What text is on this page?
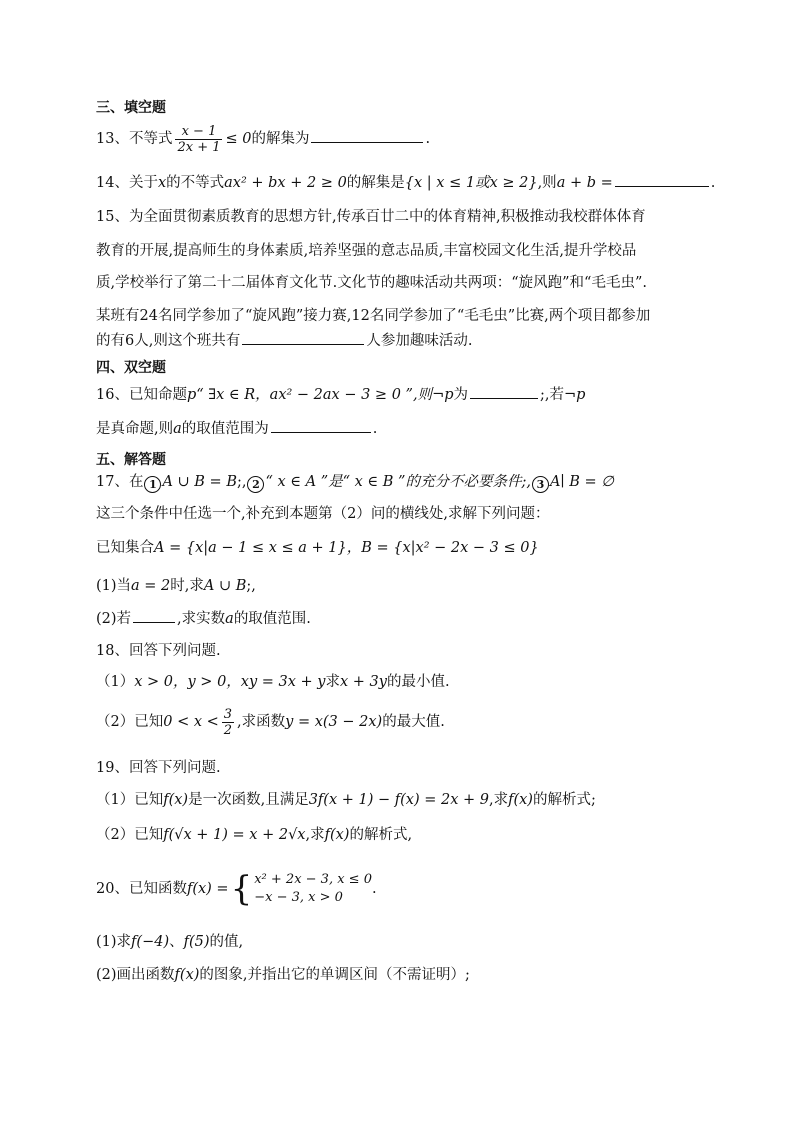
三、填空题
13、不等式 $\frac{x - 1}{2x + 1} \le 0$的解集为	.
14、关于x的不等式ax² + bx + 2 ≥ 0的解集是{x | x ≤ 1或x ≥ 2},则a + b =	.
15、为全面贯彻素质教育的思想方针,传承百廿二中的体育精神,积极推动我校群体体育
教育的开展,提高师生的身体素质,培养坚强的意志品质,丰富校园文化生活,提升学校品
质,学校举行了第二十二届体育文化节.文化节的趣味活动共两项：“旋风跑”和“毛毛虫”.
某班有24名同学参加了“旋风跑”接力赛,12名同学参加了“毛毛虫”比赛,两个项目都参加
的有6人,则这个班共有	人参加趣味活动.
四、双空题
16、已知命题p“ ∃x ∈ R，ax² − 2ax − 3 ≥ 0 ”,则¬p为	;,若¬p
是真命题,则a的取值范围为	.
五、解答题
17、在 1 A ∪ B = B;, 2 “ x ∈ A ”是“ x ∈ B ”的充分不必要条件;, 3 A∣ B = ∅
这三个条件中任选一个,补充到本题第（2）问的横线处,求解下列问题：
已知集合A = {x|a − 1 ≤ x ≤ a + 1}，B = {x|x² − 2x − 3 ≤ 0}
(1)当a = 2时,求A ∪ B;,
(2)若	,求实数a的取值范围.
18、回答下列问题.
（1）x > 0，y > 0，xy = 3x + y求x + 3y的最小值.
（2）已知$0 < x < \frac{3}{2}$ ,求函数y = x(3 − 2x)的最大值.
19、回答下列问题.
（1）已知f(x)是一次函数,且满足3f(x + 1) − f(x) = 2x + 9,求f(x)的解析式;
（2）已知f(√x + 1) = x + 2√x,求f(x)的解析式,
20、已知函数f(x) ={ x² + 2x − 3, x ≤ 0
−x − 3, x > 0
.
(1)求f(−4)、f(5)的值,
(2)画出函数f(x)的图象,并指出它的单调区间（不需证明）;
